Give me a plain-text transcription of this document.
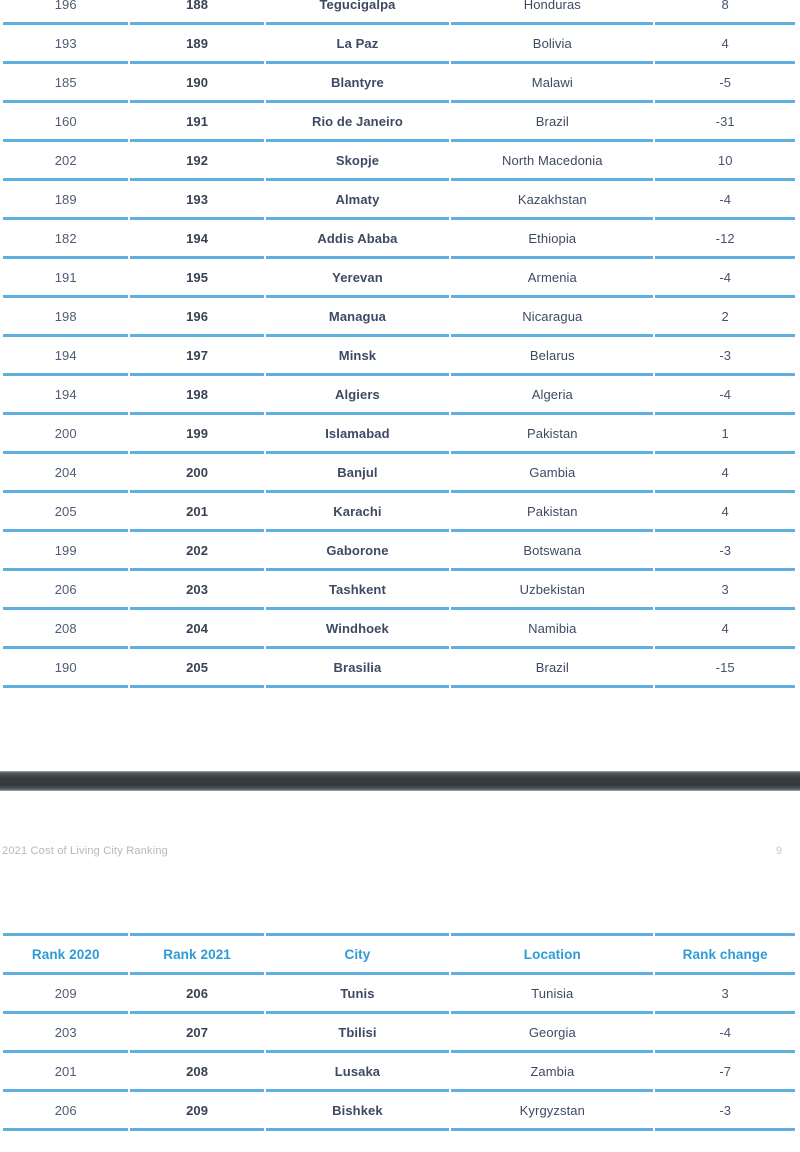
196	188	Tegucigalpa	Honduras	8
193	189	La Paz	Bolivia	4
185	190	Blantyre	Malawi	-5
160	191	Rio de Janeiro	Brazil	-31
202	192	Skopje	North Macedonia	10
189	193	Almaty	Kazakhstan	-4
182	194	Addis Ababa	Ethiopia	-12
191	195	Yerevan	Armenia	-4
198	196	Managua	Nicaragua	2
194	197	Minsk	Belarus	-3
194	198	Algiers	Algeria	-4
200	199	Islamabad	Pakistan	1
204	200	Banjul	Gambia	4
205	201	Karachi	Pakistan	4
199	202	Gaborone	Botswana	-3
206	203	Tashkent	Uzbekistan	3
208	204	Windhoek	Namibia	4
190	205	Brasilia	Brazil	-15
2021 Cost of Living City Ranking	9
Rank 2020	Rank 2021	City	Location	Rank change
209	206	Tunis	Tunisia	3
203	207	Tbilisi	Georgia	-4
201	208	Lusaka	Zambia	-7
206	209	Bishkek	Kyrgyzstan	-3
